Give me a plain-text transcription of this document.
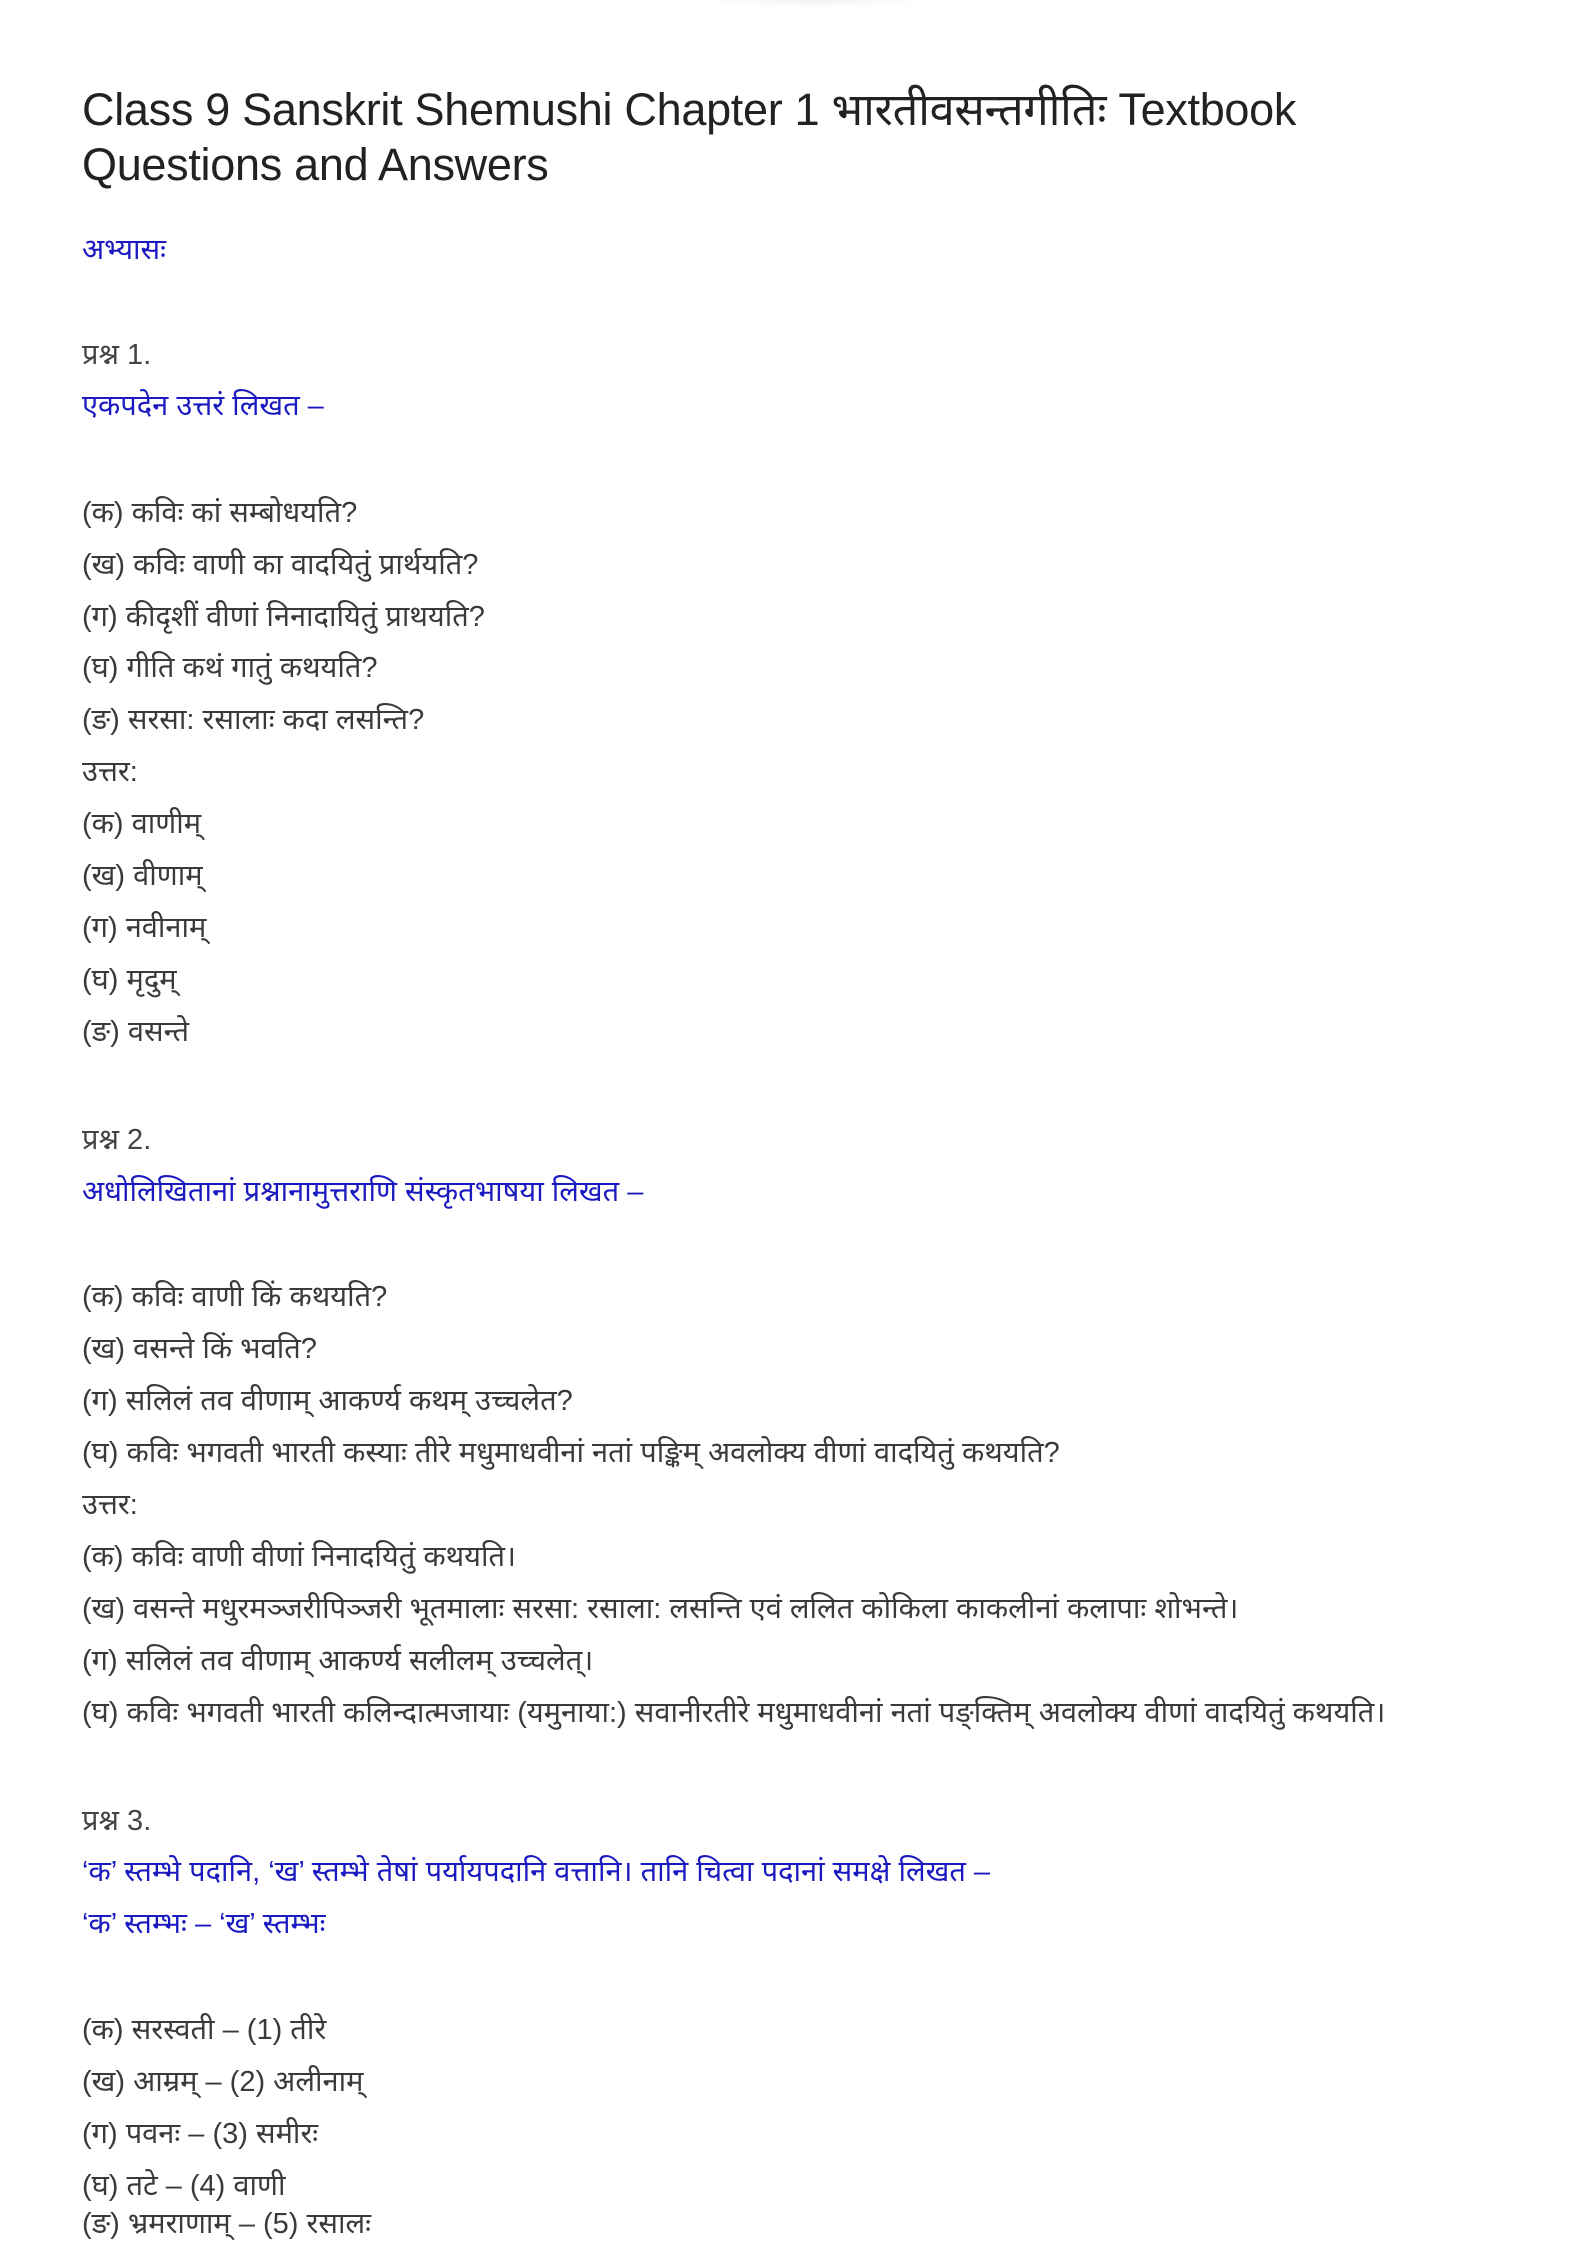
Class 9 Sanskrit Shemushi Chapter 1 भारतीवसन्तगीतिः Textbook Questions and Answers
अभ्यासः
प्रश्न 1.
एकपदेन उत्तरं लिखत –
(क) कविः कां सम्बोधयति?
(ख) कविः वाणी का वादयितुं प्रार्थयति?
(ग) कीदृशीं वीणां निनादायितुं प्राथयति?
(घ) गीति कथं गातुं कथयति?
(ङ) सरसा: रसालाः कदा लसन्ति?
उत्तर:
(क) वाणीम्
(ख) वीणाम्
(ग) नवीनाम्
(घ) मृदुम्
(ङ) वसन्ते
प्रश्न 2.
अधोलिखितानां प्रश्नानामुत्तराणि संस्कृतभाषया लिखत –
(क) कविः वाणी किं कथयति?
(ख) वसन्ते किं भवति?
(ग) सलिलं तव वीणाम् आकर्ण्य कथम् उच्चलेत?
(घ) कविः भगवती भारती कस्याः तीरे मधुमाधवीनां नतां पङ्किम् अवलोक्य वीणां वादयितुं कथयति?
उत्तर:
(क) कविः वाणी वीणां निनादयितुं कथयति।
(ख) वसन्ते मधुरमञ्जरीपिञ्जरी भूतमालाः सरसा: रसाला: लसन्ति एवं ललित कोकिला काकलीनां कलापाः शोभन्ते।
(ग) सलिलं तव वीणाम् आकर्ण्य सलीलम् उच्चलेत्।
(घ) कविः भगवती भारती कलिन्दात्मजायाः (यमुनाया:) सवानीरतीरे मधुमाधवीनां नतां पङ्क्तिम् अवलोक्य वीणां वादयितुं कथयति।
प्रश्न 3.
‘क’ स्तम्भे पदानि, ‘ख’ स्तम्भे तेषां पर्यायपदानि वत्तानि। तानि चित्वा पदानां समक्षे लिखत –
‘क’ स्तम्भः – ‘ख’ स्तम्भः
(क) सरस्वती – (1) तीरे
(ख) आम्रम् – (2) अलीनाम्
(ग) पवनः – (3) समीरः
(घ) तटे – (4) वाणी
(ङ) भ्रमराणाम् – (5) रसालः
